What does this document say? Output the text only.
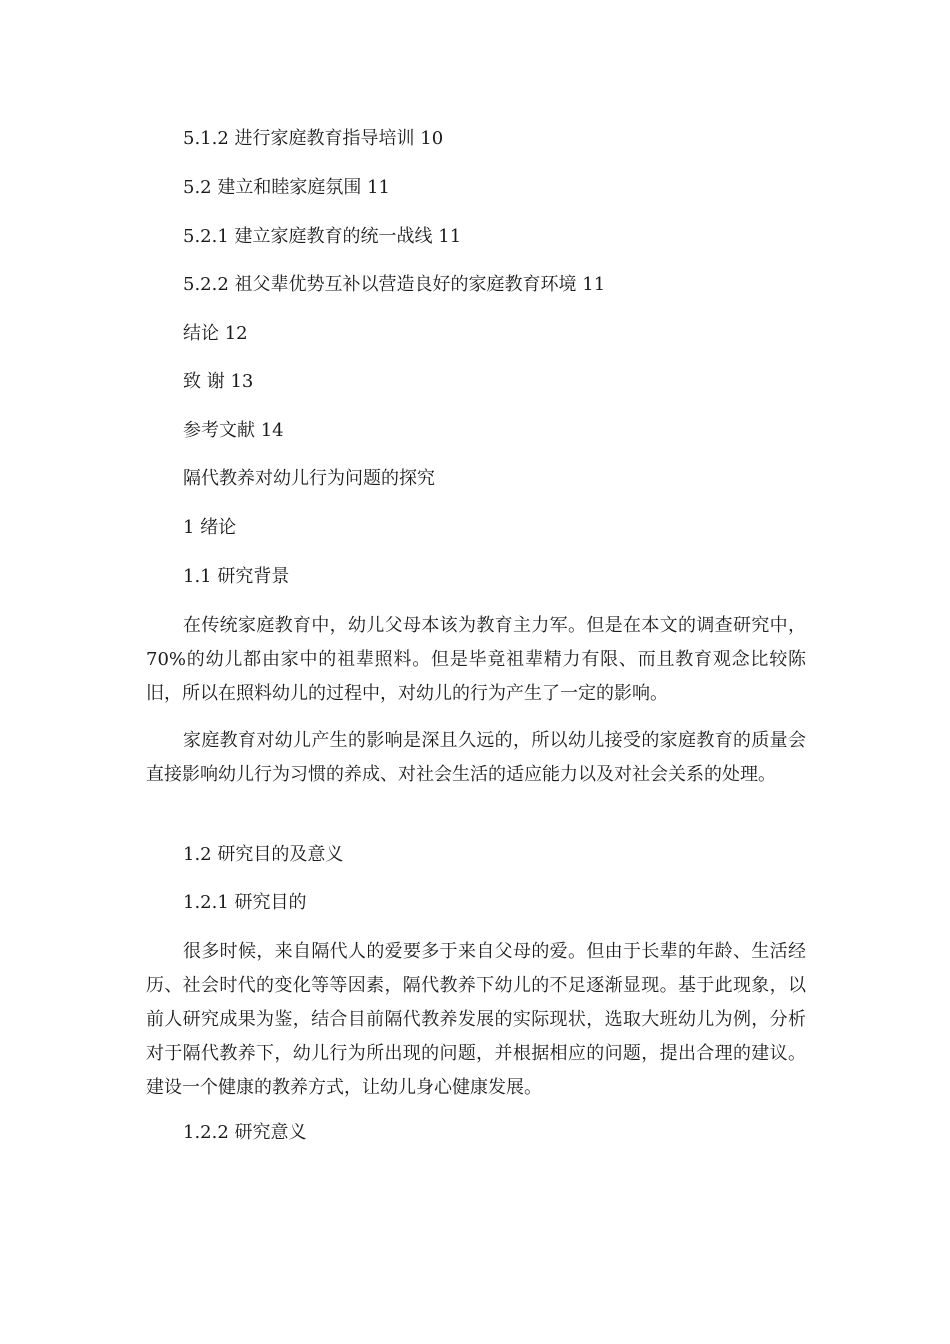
5.1.2 进行家庭教育指导培训 10
5.2 建立和睦家庭氛围 11
5.2.1 建立家庭教育的统一战线 11
5.2.2 祖父辈优势互补以营造良好的家庭教育环境 11
结论 12
致 谢 13
参考文献 14
隔代教养对幼儿行为问题的探究
1 绪论
1.1 研究背景

在传统家庭教育中，幼儿父母本该为教育主力军。但是在本文的调查研究中，70%的幼儿都由家中的祖辈照料。但是毕竟祖辈精力有限、而且教育观念比较陈旧，所以在照料幼儿的过程中，对幼儿的行为产生了一定的影响。

家庭教育对幼儿产生的影响是深且久远的，所以幼儿接受的家庭教育的质量会直接影响幼儿行为习惯的养成、对社会生活的适应能力以及对社会关系的处理。

1.2 研究目的及意义
1.2.1 研究目的

很多时候，来自隔代人的爱要多于来自父母的爱。但由于长辈的年龄、生活经历、社会时代的变化等等因素，隔代教养下幼儿的不足逐渐显现。基于此现象，以前人研究成果为鉴，结合目前隔代教养发展的实际现状，选取大班幼儿为例，分析对于隔代教养下，幼儿行为所出现的问题，并根据相应的问题，提出合理的建议。建设一个健康的教养方式，让幼儿身心健康发展。

1.2.2 研究意义
